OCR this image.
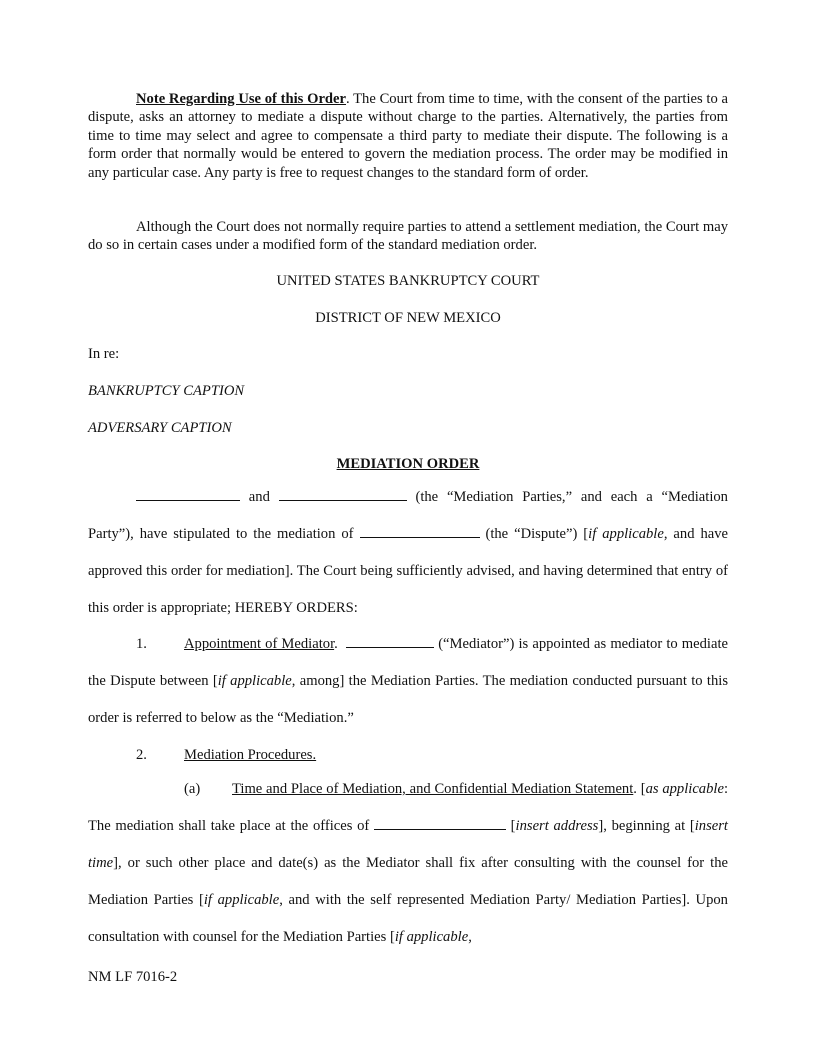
Note Regarding Use of this Order. The Court from time to time, with the consent of the parties to a dispute, asks an attorney to mediate a dispute without charge to the parties. Alternatively, the parties from time to time may select and agree to compensate a third party to mediate their dispute. The following is a form order that normally would be entered to govern the mediation process. The order may be modified in any particular case. Any party is free to request changes to the standard form of order.

Although the Court does not normally require parties to attend a settlement mediation, the Court may do so in certain cases under a modified form of the standard mediation order.

UNITED STATES BANKRUPTCY COURT

DISTRICT OF NEW MEXICO

In re:

BANKRUPTCY CAPTION

ADVERSARY CAPTION

MEDIATION ORDER

and	(the “Mediation Parties,” and each a “Mediation Party”), have stipulated to the mediation of	(the “Dispute”) [if applicable, and have approved this order for mediation]. The Court being sufficiently advised, and having determined that entry of this order is appropriate; HEREBY ORDERS:

1.	Appointment of Mediator.	(“Mediator”) is appointed as mediator to mediate the Dispute between [if applicable, among] the Mediation Parties. The mediation conducted pursuant to this order is referred to below as the “Mediation.”

2.	Mediation Procedures.

(a) Time and Place of Mediation, and Confidential Mediation Statement. [as applicable: The mediation shall take place at the offices of	[insert address], beginning at [insert time], or such other place and date(s) as the Mediator shall fix after consulting with the counsel for the Mediation Parties [if applicable, and with the self represented Mediation Party/ Mediation Parties]. Upon consultation with counsel for the Mediation Parties [if applicable,

NM LF 7016-2
